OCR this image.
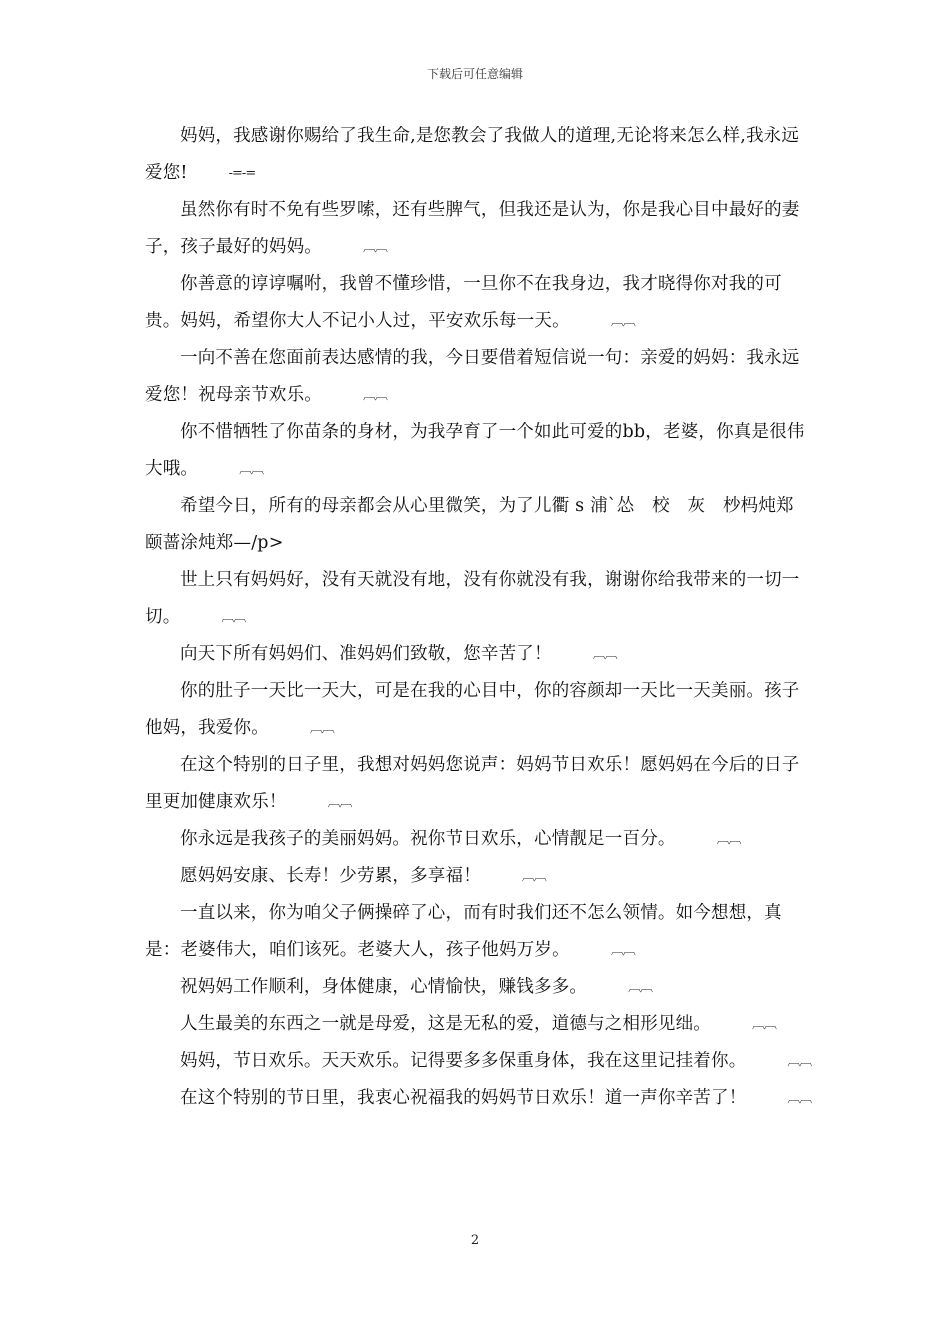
下载后可任意编辑

妈妈，我感谢你赐给了我生命,是您教会了我做人的道理,无论将来怎么样,我永远爱您!	-=-=

虽然你有时不免有些罗嗦，还有些脾气，但我还是认为，你是我心目中最好的妻子，孩子最好的妈妈。	︹︹

你善意的谆谆嘱咐，我曾不懂珍惜，一旦你不在我身边，我才晓得你对我的可贵。妈妈，希望你大人不记小人过，平安欢乐每一天。	︹︹

一向不善在您面前表达感情的我，今日要借着短信说一句：亲爱的妈妈：我永远爱您！祝母亲节欢乐。	︹︹

你不惜牺牲了你苗条的身材，为我孕育了一个如此可爱的bb，老婆，你真是很伟大哦。	︹︹

希望今日，所有的母亲都会从心里微笑，为了儿衢 s 浦`怂　校　灰　杪杩炖郑　颐蔷涂炖郑—/p>

世上只有妈妈好，没有天就没有地，没有你就没有我，谢谢你给我带来的一切一切。	︹︹

向天下所有妈妈们、准妈妈们致敬，您辛苦了！	︹︹

你的肚子一天比一天大，可是在我的心目中，你的容颜却一天比一天美丽。孩子他妈，我爱你。	︹︹

在这个特别的日子里，我想对妈妈您说声：妈妈节日欢乐！愿妈妈在今后的日子里更加健康欢乐！	︹︹

你永远是我孩子的美丽妈妈。祝你节日欢乐，心情靓足一百分。	︹︹

愿妈妈安康、长寿！少劳累，多享福！	︹︹

一直以来，你为咱父子俩操碎了心，而有时我们还不怎么领情。如今想想，真是：老婆伟大，咱们该死。老婆大人，孩子他妈万岁。	︹︹

祝妈妈工作顺利，身体健康，心情愉快，赚钱多多。	︹︹

人生最美的东西之一就是母爱，这是无私的爱，道德与之相形见绌。	︹︹

妈妈，节日欢乐。天天欢乐。记得要多多保重身体，我在这里记挂着你。	︹︹

在这个特别的节日里，我衷心祝福我的妈妈节日欢乐！道一声你辛苦了！	︹︹

2
